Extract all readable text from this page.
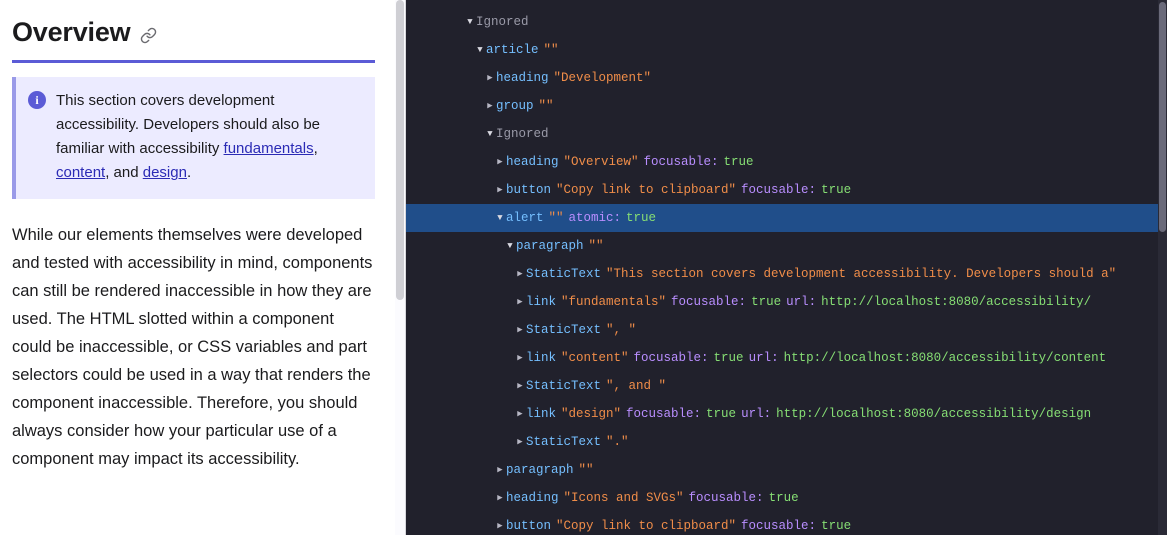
Overview
i	This section covers development accessibility. Developers should also be familiar with accessibility fundamentals, content, and design.
While our elements themselves were developed and tested with accessibility in mind, components can still be rendered inaccessible in how they are used. The HTML slotted within a component could be inaccessible, or CSS variables and part selectors could be used in a way that renders the component inaccessible. Therefore, you should always consider how your particular use of a component may impact its accessibility.
▼ Ignored
▼ article ""
▶ heading "Development"
▶ group ""
▼ Ignored
▶ heading "Overview" focusable: true
▶ button "Copy link to clipboard" focusable: true
▼ alert "" atomic: true
▼ paragraph ""
▶ StaticText "This section covers development accessibility. Developers should a"
▶ link "fundamentals" focusable: true url: http://localhost:8080/accessibility/
▶ StaticText ", "
▶ link "content" focusable: true url: http://localhost:8080/accessibility/content
▶ StaticText ", and "
▶ link "design" focusable: true url: http://localhost:8080/accessibility/design
▶ StaticText "."
▶ paragraph ""
▶ heading "Icons and SVGs" focusable: true
▶ button "Copy link to clipboard" focusable: true
